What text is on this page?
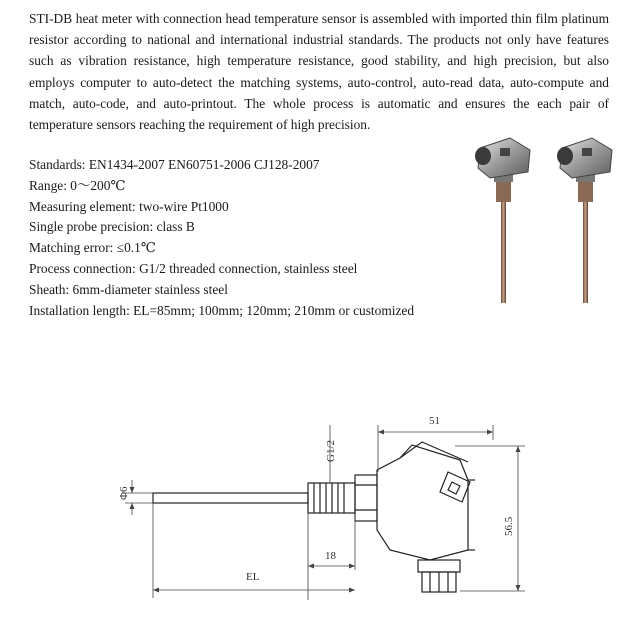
STI-DB heat meter with connection head temperature sensor is assembled with imported thin film platinum resistor according to national and international industrial standards. The products not only have features such as vibration resistance, high temperature resistance, good stability, and high precision, but also employs computer to auto-detect the matching systems, auto-control, auto-read data, auto-compute and match, auto-code, and auto-printout. The whole process is automatic and ensures the each pair of temperature sensors reaching the requirement of high precision.

Standards: EN1434-2007 EN60751-2006 CJ128-2007
Range: 0～200℃
Measuring element: two-wire Pt1000
Single probe precision: class B
Matching error: ≤0.1℃
Process connection: G1/2 threaded connection, stainless steel
Sheath: 6mm-diameter stainless steel
Installation length: EL=85mm; 100mm; 120mm; 210mm or customized
51
G1/2
Φ6
56.5
18
EL
